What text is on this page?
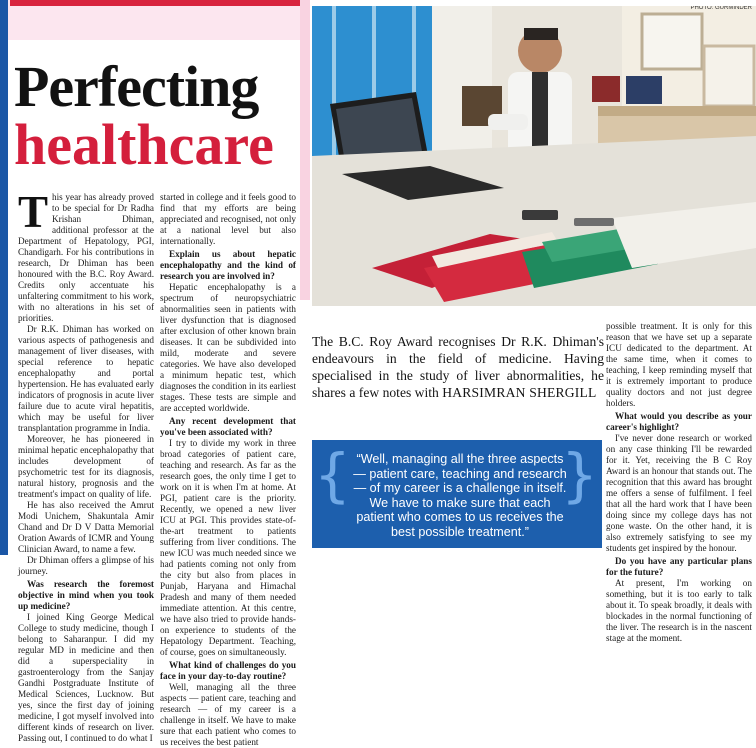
Perfecting
healthcare
T his year has already proved to be special for Dr Radha Krishan Dhiman, additional professor at the Department of Hepatology, PGI, Chandigarh. For his contributions in research, Dr Dhiman has been honoured with the B.C. Roy Award. Credits only accentuate his unfaltering commitment to his work, with no alterations in his set of priorities.

Dr R.K. Dhiman has worked on various aspects of pathogenesis and management of liver diseases, with special reference to hepatic encephalopathy and portal hypertension. He has evaluated early indicators of prognosis in acute liver failure due to acute viral hepatitis, which may be useful for liver transplantation programme in India.

Moreover, he has pioneered in minimal hepatic encephalopathy that includes development of psychometric test for its diagnosis, natural history, prognosis and the treatment's impact on quality of life.

He has also received the Amrut Modi Unichem, Shakuntala Amir Chand and Dr D V Datta Memorial Oration Awards of ICMR and Young Clinician Award, to name a few.

Dr Dhiman offers a glimpse of his journey.

Was research the foremost objective in mind when you took up medicine?

I joined King George Medical College to study medicine, though I belong to Saharanpur. I did my regular MD in medicine and then did a superspeciality in gastroenterology from the Sanjay Gandhi Postgraduate Institute of Medical Sciences, Lucknow. But yes, since the first day of joining medicine, I got myself involved into different kinds of research on liver. Passing out, I continued to do what I

started in college and it feels good to find that my efforts are being appreciated and recognised, not only at a national level but also internationally.

Explain us about hepatic encephalopathy and the kind of research you are involved in?

Hepatic encephalopathy is a spectrum of neuropsychiatric abnormalities seen in patients with liver dysfunction that is diagnosed after exclusion of other known brain diseases. It can be subdivided into mild, moderate and severe categories. We have also developed a minimum hepatic test, which diagnoses the condition in its earliest stages. These tests are simple and are accepted worldwide.

Any recent development that you've been associated with?

I try to divide my work in three broad categories of patient care, teaching and research. As far as the research goes, the only time I get to work on it is when I'm at home. At PGI, patient care is the priority. Recently, we opened a new liver ICU at PGI. This provides state-of-the-art treatment to patients suffering from liver conditions. The new ICU was much needed since we had patients coming not only from the city but also from places in Punjab, Haryana and Himachal Pradesh and many of them needed immediate attention. At this centre, we have also tried to provide hands-on experience to students of the Hepatology Department. Teaching, of course, goes on simultaneously.

What kind of challenges do you face in your day-to-day routine?

Well, managing all the three aspects — patient care, teaching and research — of my career is a challenge in itself. We have to make sure that each patient who comes to us receives the best patient

PHOTO: GURMINDER
The B.C. Roy Award recognises Dr R.K. Dhiman's endeavours in the field of medicine. Having specialised in the study of liver abnormalities, he shares a few notes with HARSIMRAN SHERGILL
{	}
“Well, managing all the three aspects — patient care, teaching and research — of my career is a challenge in itself. We have to make sure that each patient who comes to us receives the best possible treatment.”

possible treatment. It is only for this reason that we have set up a separate ICU dedicated to the department. At the same time, when it comes to teaching, I keep reminding myself that it is extremely important to produce quality doctors and not just degree holders.

What would you describe as your career's highlight?

I've never done research or worked on any case thinking I'll be rewarded for it. Yet, receiving the B C Roy Award is an honour that stands out. The recognition that this award has brought me offers a sense of fulfilment. I feel that all the hard work that I have been doing since my college days has not gone waste. On the other hand, it is also extremely satisfying to see my students get inspired by the honour.

Do you have any particular plans for the future?

At present, I'm working on something, but it is too early to talk about it. To speak broadly, it deals with blockades in the normal functioning of the liver. The research is in the nascent stage at the moment.
